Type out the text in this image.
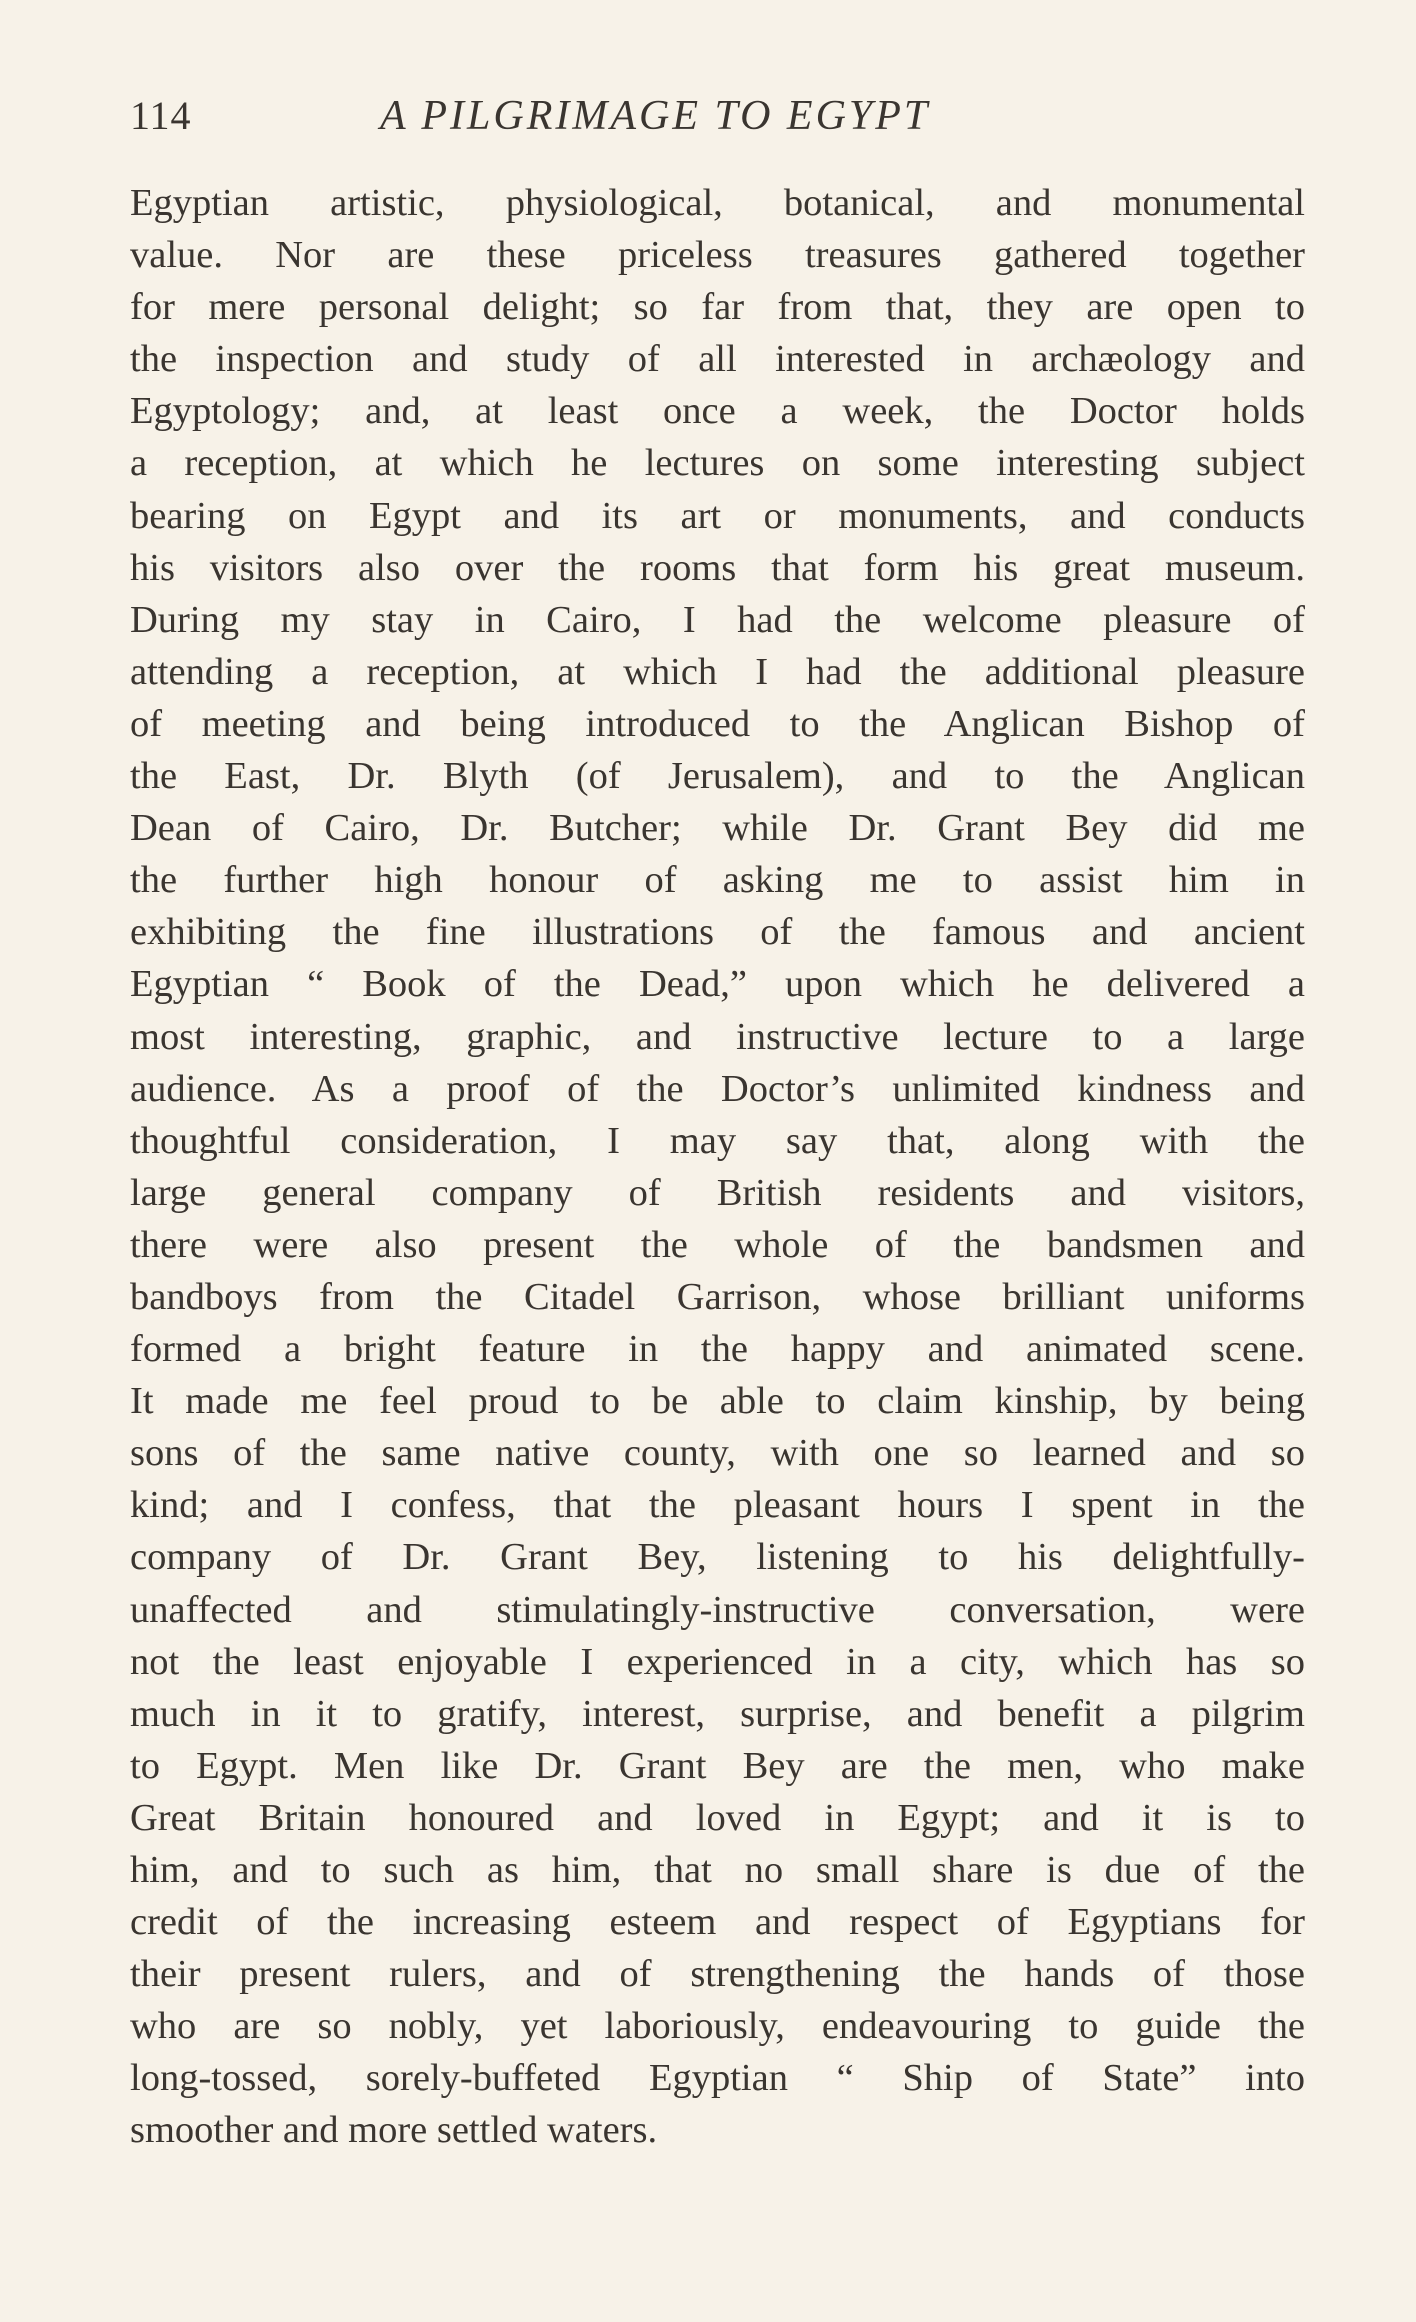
114	A PILGRIMAGE TO EGYPT
Egyptian artistic, physiological, botanical, and monumental
value. Nor are these priceless treasures gathered together
for mere personal delight; so far from that, they are open to
the inspection and study of all interested in archæology and
Egyptology; and, at least once a week, the Doctor holds
a reception, at which he lectures on some interesting subject
bearing on Egypt and its art or monuments, and conducts
his visitors also over the rooms that form his great museum.
During my stay in Cairo, I had the welcome pleasure of
attending a reception, at which I had the additional pleasure
of meeting and being introduced to the Anglican Bishop of
the East, Dr. Blyth (of Jerusalem), and to the Anglican
Dean of Cairo, Dr. Butcher; while Dr. Grant Bey did me
the further high honour of asking me to assist him in
exhibiting the fine illustrations of the famous and ancient
Egyptian “ Book of the Dead,” upon which he delivered a
most interesting, graphic, and instructive lecture to a large
audience. As a proof of the Doctor’s unlimited kindness and
thoughtful consideration, I may say that, along with the
large general company of British residents and visitors,
there were also present the whole of the bandsmen and
bandboys from the Citadel Garrison, whose brilliant uniforms
formed a bright feature in the happy and animated scene.
It made me feel proud to be able to claim kinship, by being
sons of the same native county, with one so learned and so
kind; and I confess, that the pleasant hours I spent in the
company of Dr. Grant Bey, listening to his delightfully-
unaffected and stimulatingly-instructive conversation, were
not the least enjoyable I experienced in a city, which has so
much in it to gratify, interest, surprise, and benefit a pilgrim
to Egypt. Men like Dr. Grant Bey are the men, who make
Great Britain honoured and loved in Egypt; and it is to
him, and to such as him, that no small share is due of the
credit of the increasing esteem and respect of Egyptians for
their present rulers, and of strengthening the hands of those
who are so nobly, yet laboriously, endeavouring to guide the
long-tossed, sorely-buffeted Egyptian “ Ship of State” into
smoother and more settled waters.
